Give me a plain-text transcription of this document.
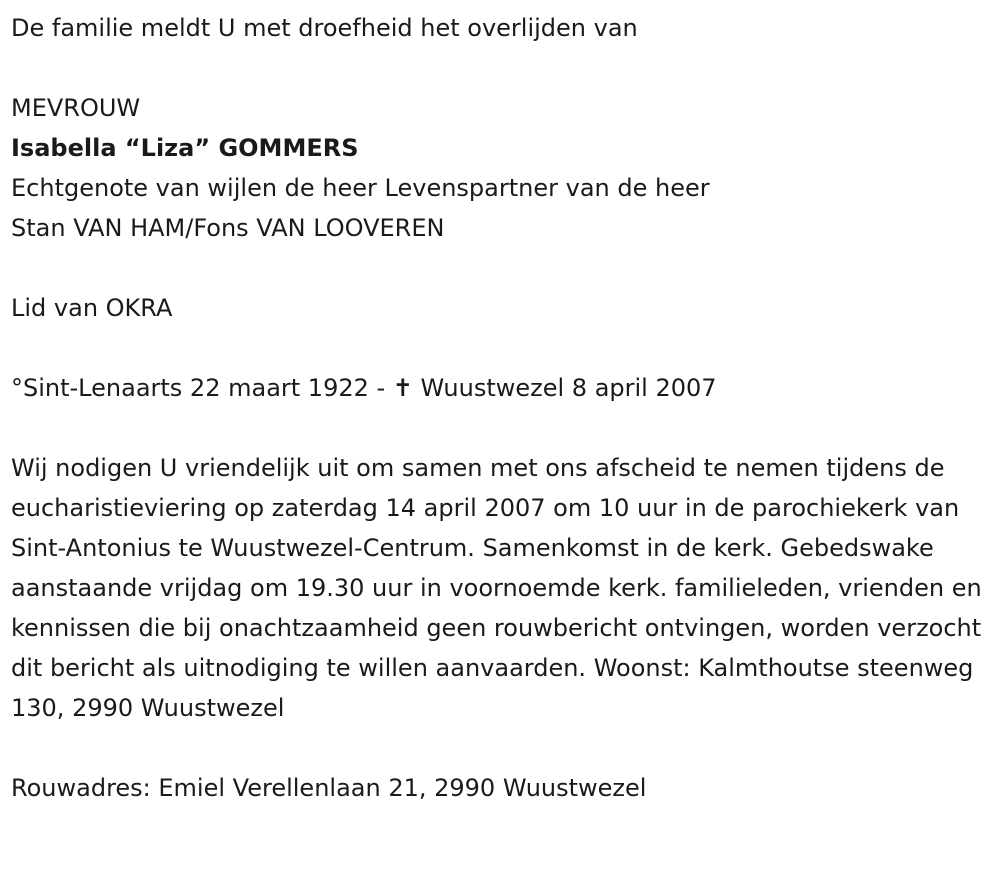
De familie meldt U met droefheid het overlijden van

MEVROUW

Isabella “Liza” GOMMERS

Echtgenote van wijlen de heer Levenspartner van de heer

Stan VAN HAM/Fons VAN LOOVEREN

Lid van OKRA

°Sint-Lenaarts 22 maart 1922 - ✝ Wuustwezel 8 april 2007

Wij nodigen U vriendelijk uit om samen met ons afscheid te nemen tijdens de eucharistieviering op zaterdag 14 april 2007 om 10 uur in de parochiekerk van Sint-Antonius te Wuustwezel-Centrum. Samenkomst in de kerk. Gebedswake aanstaande vrijdag om 19.30 uur in voornoemde kerk. familieleden, vrienden en kennissen die bij onachtzaamheid geen rouwbericht ontvingen, worden verzocht dit bericht als uitnodiging te willen aanvaarden. Woonst: Kalmthoutse steenweg 130, 2990 Wuustwezel

Rouwadres: Emiel Verellenlaan 21, 2990 Wuustwezel
